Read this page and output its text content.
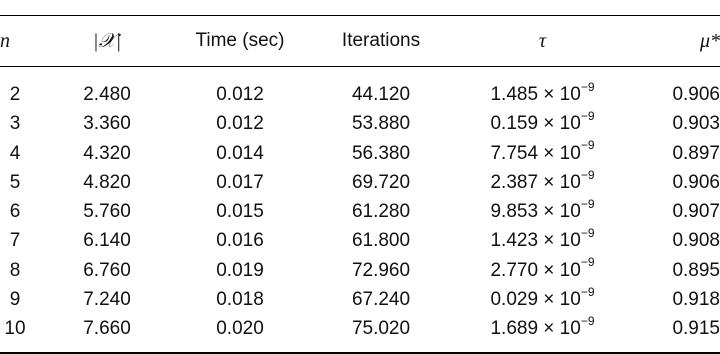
n	|𝒳|	Time (sec)	Iterations	τ	μ*
2	2.480	0.012	44.120	$1.485 \times 10^{-9}$	0.906
3	3.360	0.012	53.880	$0.159 \times 10^{-9}$	0.903
4	4.320	0.014	56.380	$7.754 \times 10^{-9}$	0.897
5	4.820	0.017	69.720	$2.387 \times 10^{-9}$	0.906
6	5.760	0.015	61.280	$9.853 \times 10^{-9}$	0.907
7	6.140	0.016	61.800	$1.423 \times 10^{-9}$	0.908
8	6.760	0.019	72.960	$2.770 \times 10^{-9}$	0.895
9	7.240	0.018	67.240	$0.029 \times 10^{-9}$	0.918
10	7.660	0.020	75.020	$1.689 \times 10^{-9}$	0.915
